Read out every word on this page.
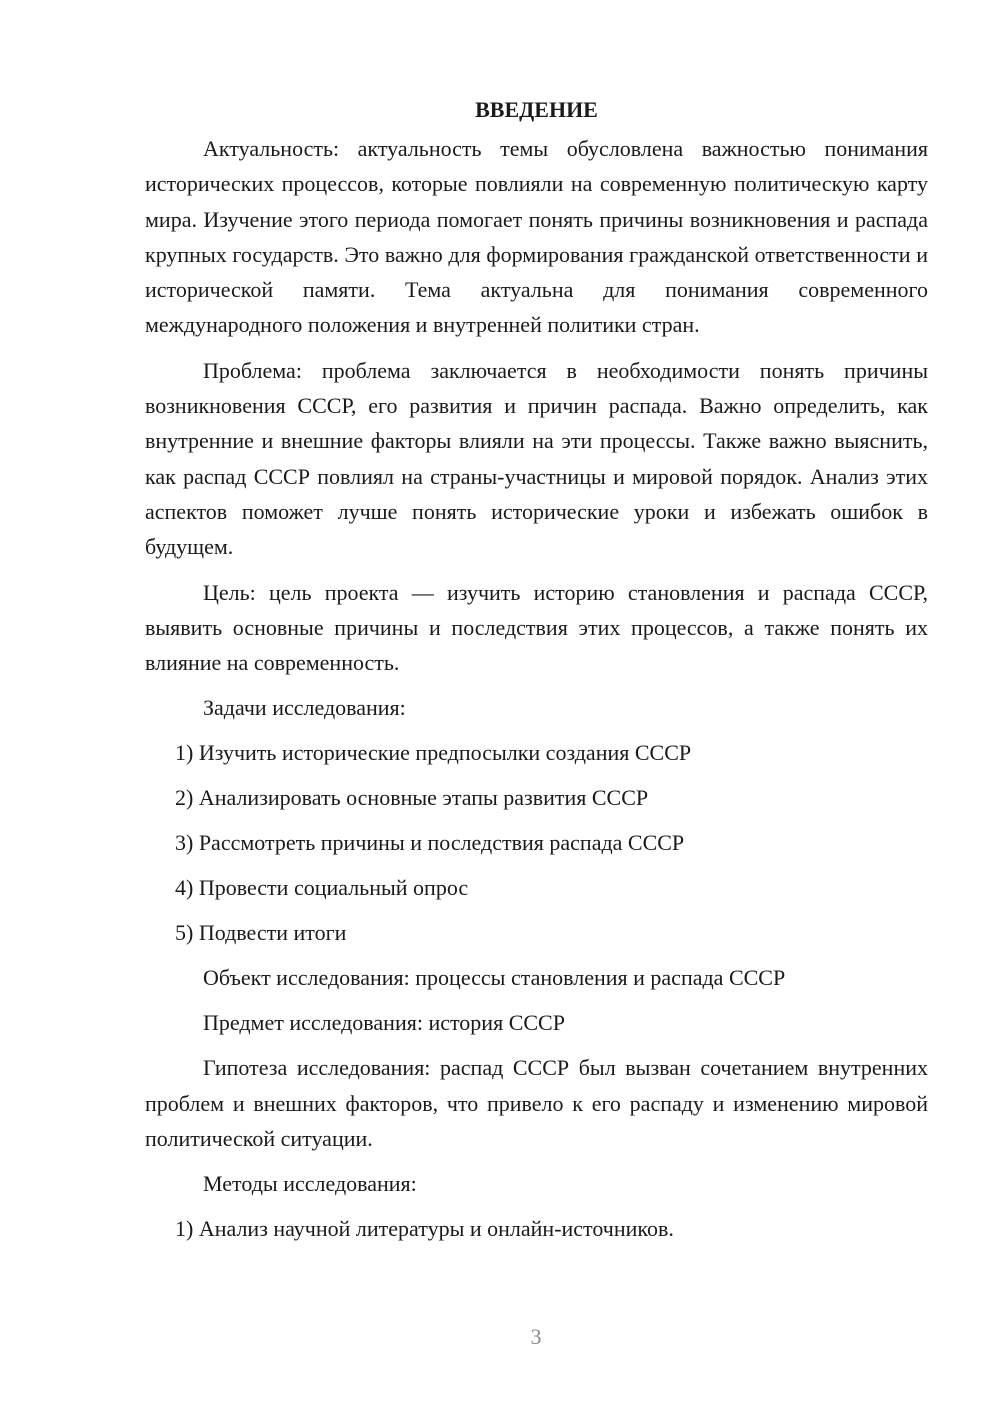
ВВЕДЕНИЕ

Актуальность: актуальность темы обусловлена важностью понимания исторических процессов, которые повлияли на современную политическую карту мира. Изучение этого периода помогает понять причины возникновения и распада крупных государств. Это важно для формирования гражданской ответственности и исторической памяти. Тема актуальна для понимания современного международного положения и внутренней политики стран.

Проблема: проблема заключается в необходимости понять причины возникновения СССР, его развития и причин распада. Важно определить, как внутренние и внешние факторы влияли на эти процессы. Также важно выяснить, как распад СССР повлиял на страны-участницы и мировой порядок. Анализ этих аспектов поможет лучше понять исторические уроки и избежать ошибок в будущем.

Цель: цель проекта — изучить историю становления и распада СССР, выявить основные причины и последствия этих процессов, а также понять их влияние на современность.

Задачи исследования:
1) Изучить исторические предпосылки создания СССР
2) Анализировать основные этапы развития СССР
3) Рассмотреть причины и последствия распада СССР
4) Провести социальный опрос
5) Подвести итоги
Объект исследования: процессы становления и распада СССР
Предмет исследования: история СССР

Гипотеза исследования: распад СССР был вызван сочетанием внутренних проблем и внешних факторов, что привело к его распаду и изменению мировой политической ситуации.

Методы исследования:
1) Анализ научной литературы и онлайн-источников.
3
